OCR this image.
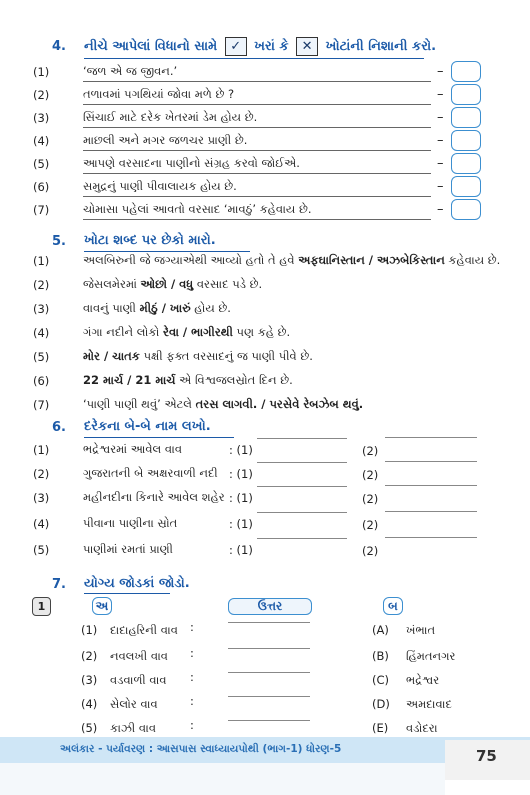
4. નીચે આપેલાં વિધાનો સામે ✓ ખરાં કે ✕ ખોટાંની નિશાની કરો.
(1)	‘જળ એ જ જીવન.’	–
(2)	તળાવમાં પગથિયાં જોવા મળે છે ?	–
(3)	સિંચાઈ માટે દરેક ખેતરમાં ડેમ હોય છે.	–
(4)	માછલી અને મગર જળચર પ્રાણી છે.	–
(5)	આપણે વરસાદના પાણીનો સંગ્રહ કરવો જોઈએ.	–
(6)	સમુદ્રનું પાણી પીવાલાયક હોય છે.	–
(7)	ચોમાસા પહેલાં આવતો વરસાદ ‘માવઠું’ કહેવાય છે.	–
5. ખોટા શબ્દ પર છેકો મારો.
(1)	અલબિરુની જે જગ્યાએથી આવ્યો હતો તે હવે અફઘાનિસ્તાન / અઝબેકિસ્તાન કહેવાય છે.
(2)	જેસલમેરમાં ઓછો / વધુ વરસાદ પડે છે.
(3)	વાવનું પાણી મીઠું / ખારું હોય છે.
(4)	ગંગા નદીને લોકો રેવા / ભાગીરથી પણ કહે છે.
(5)	મોર / ચાતક પક્ષી ફક્ત વરસાદનું જ પાણી પીવે છે.
(6)	22 માર્ચ / 21 માર્ચ એ વિશ્વજલસ્રોત દિન છે.
(7)	‘પાણી પાણી થવું’ એટલે તરસ લાગવી. / પરસેવે રેબઝેબ થવું.
6. દરેકના બે-બે નામ લખો.
(1)	ભદ્રેશ્વરમાં આવેલ વાવ	: (1)	(2)
(2)	ગુજરાતની બે અક્ષરવાળી નદી : (1)	(2)
(3)	મહીનદીના કિનારે આવેલ શહેર : (1)	(2)
(4)	પીવાના પાણીના સ્રોત	: (1)	(2)
(5)	પાણીમાં રમતાં પ્રાણી	: (1)	(2)
7. યોગ્ય જોડકાં જોડો.
1	અ	ઉત્તર	બ
(1) દાદાહરિની વાવ :	(A) ખંભાત
(2) નવલખી વાવ :	(B) હિંમતનગર
(3) વડવાળી વાવ :	(C) ભદ્રેશ્વર
(4) સેલોર વાવ	:	(D) અમદાવાદ
(5) કાઝી વાવ	:	(E) વડોદરા
અલંકાર - પર્યાવરણ : આસપાસ સ્વાધ્યાયપોથી (ભાગ-1) ધોરણ-5	75
